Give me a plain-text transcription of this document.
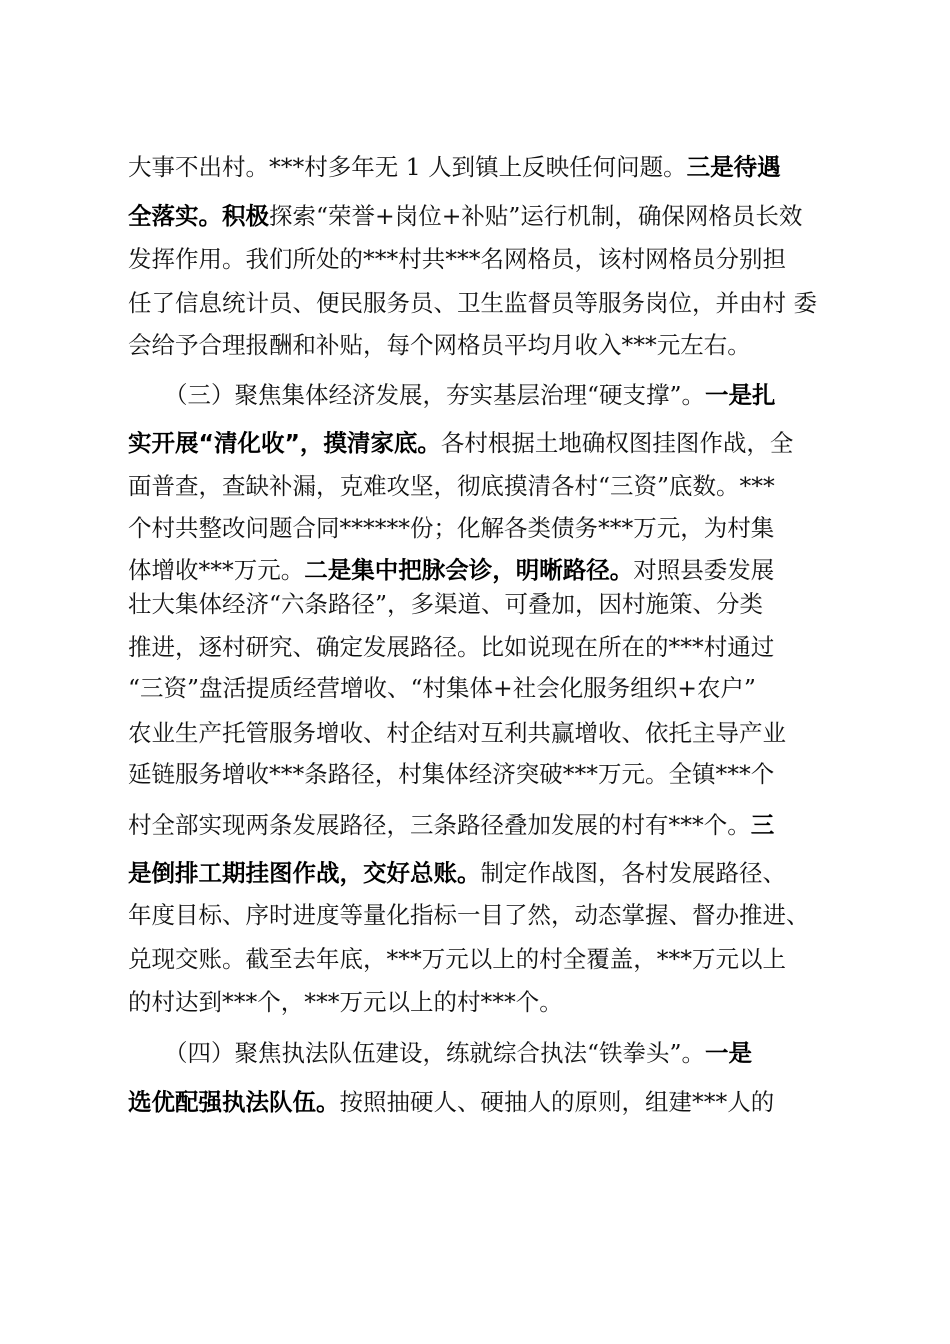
大事不出村。***村多年无 1 人到镇上反映任何问题。三是待遇
全落实。积极探索“荣誉+岗位+补贴”运行机制，确保网格员长效
发挥作用。我们所处的***村共***名网格员，该村网格员分别担
任了信息统计员、便民服务员、卫生监督员等服务岗位，并由村 委
会给予合理报酬和补贴，每个网格员平均月收入***元左右。
（三）聚焦集体经济发展，夯实基层治理“硬支撑”。一是扎
实开展“清化收”，摸清家底。各村根据土地确权图挂图作战，全
面普查，查缺补漏，克难攻坚，彻底摸清各村“三资”底数。***
个村共整改问题合同******份；化解各类债务***万元，为村集
体增收***万元。二是集中把脉会诊，明晰路径。对照县委发展
壮大集体经济“六条路径”，多渠道、可叠加，因村施策、分类
推进，逐村研究、确定发展路径。比如说现在所在的***村通过
“三资”盘活提质经营增收、“村集体+社会化服务组织+农户”
农业生产托管服务增收、村企结对互利共赢增收、依托主导产业
延链服务增收***条路径，村集体经济突破***万元。全镇***个
村全部实现两条发展路径，三条路径叠加发展的村有***个。三
是倒排工期挂图作战，交好总账。制定作战图，各村发展路径、
年度目标、序时进度等量化指标一目了然，动态掌握、督办推进、
兑现交账。截至去年底，***万元以上的村全覆盖，***万元以上
的村达到***个，***万元以上的村***个。
（四）聚焦执法队伍建设，练就综合执法“铁拳头”。一是
选优配强执法队伍。按照抽硬人、硬抽人的原则，组建***人的
